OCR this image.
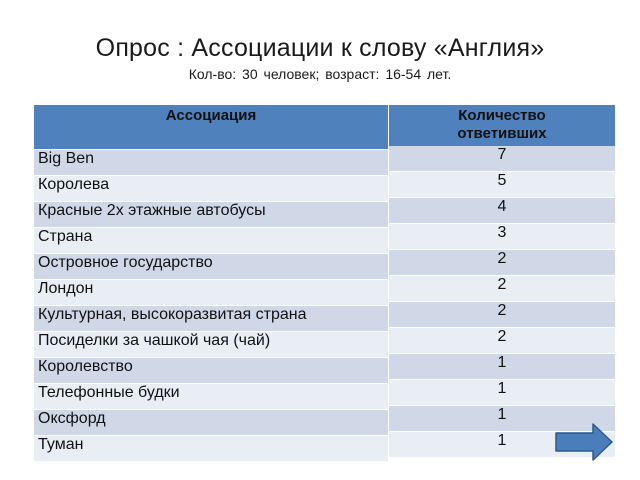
Опрос : Ассоциации к слову «Англия»
Кол-во: 30 человек; возраст: 16-54 лет.
Ассоциация	Количество
ответивших

Big Ben	7
Королева	5
Красные 2х этажные автобусы	4
Страна	3
Островное государство	2
Лондон	2
Культурная, высокоразвитая страна	2
Посиделки за чашкой чая (чай)	2
Королевство	1
Телефонные будки	1
Оксфорд	1
Туман	1
